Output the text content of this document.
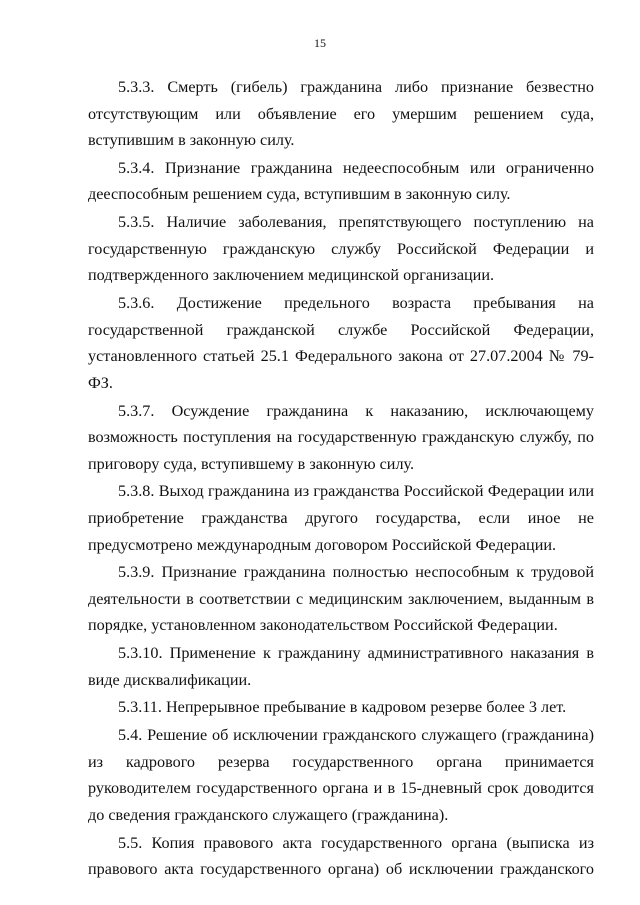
15

5.3.3. Смерть (гибель) гражданина либо признание безвестно отсутствующим или объявление его умершим решением суда, вступившим в законную силу.

5.3.4. Признание гражданина недееспособным или ограниченно дееспособным решением суда, вступившим в законную силу.

5.3.5. Наличие заболевания, препятствующего поступлению на государственную гражданскую службу Российской Федерации и подтвержденного заключением медицинской организации.

5.3.6. Достижение предельного возраста пребывания на государственной гражданской службе Российской Федерации, установленного статьей 25.1 Федерального закона от 27.07.2004 № 79-ФЗ.

5.3.7. Осуждение гражданина к наказанию, исключающему возможность поступления на государственную гражданскую службу, по приговору суда, вступившему в законную силу.

5.3.8. Выход гражданина из гражданства Российской Федерации или приобретение гражданства другого государства, если иное не предусмотрено международным договором Российской Федерации.

5.3.9. Признание гражданина полностью неспособным к трудовой деятельности в соответствии с медицинским заключением, выданным в порядке, установленном законодательством Российской Федерации.

5.3.10. Применение к гражданину административного наказания в виде дисквалификации.

5.3.11. Непрерывное пребывание в кадровом резерве более 3 лет.

5.4. Решение об исключении гражданского служащего (гражданина) из кадрового резерва государственного органа принимается руководителем государственного органа и в 15-дневный срок доводится до сведения гражданского служащего (гражданина).

5.5. Копия правового акта государственного органа (выписка из правового акта государственного органа) об исключении гражданского
